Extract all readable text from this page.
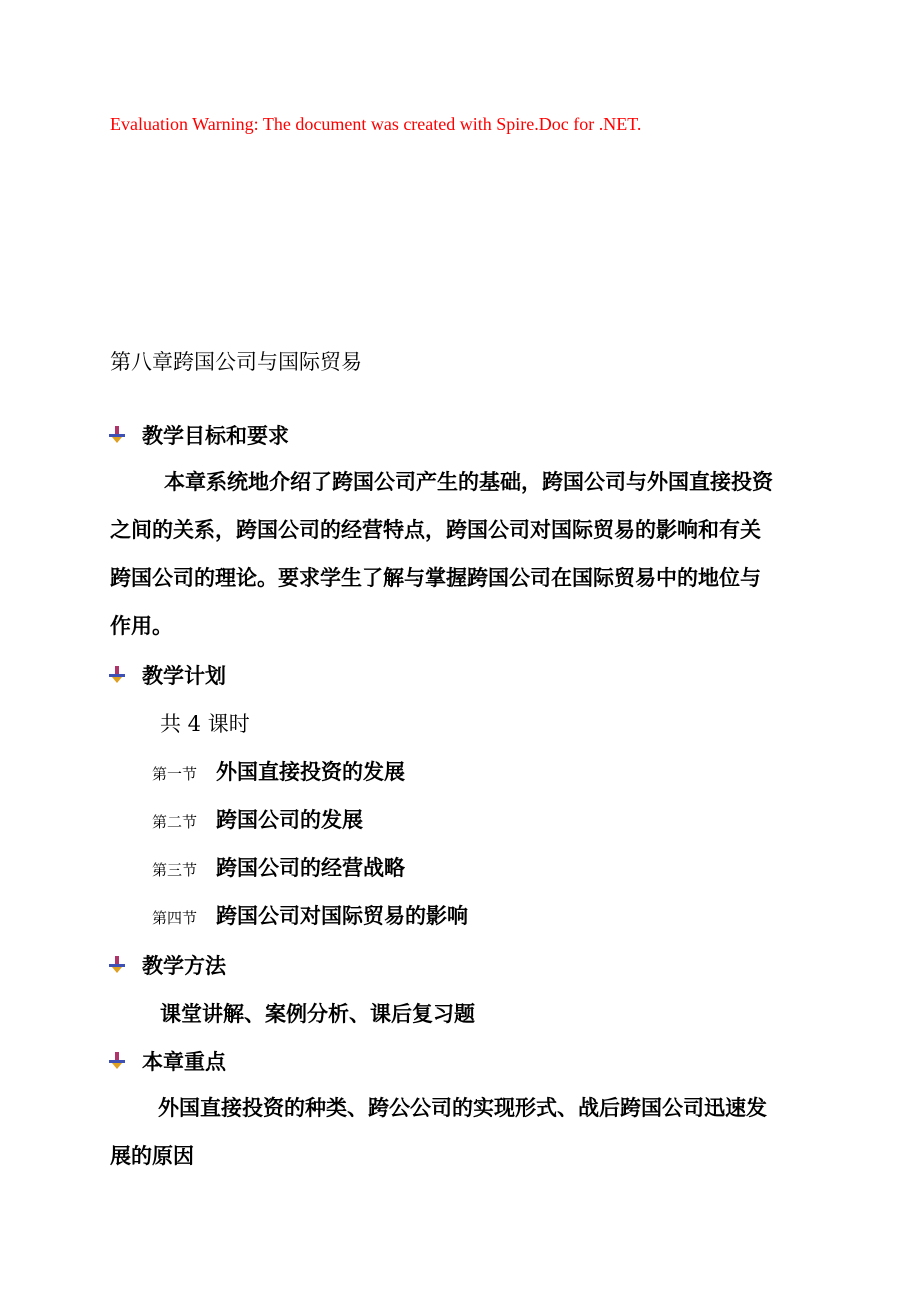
Evaluation Warning: The document was created with Spire.Doc for .NET.
第八章跨国公司与国际贸易
教学目标和要求
本章系统地介绍了跨国公司产生的基础，跨国公司与外国直接投资之间的关系，跨国公司的经营特点，跨国公司对国际贸易的影响和有关跨国公司的理论。要求学生了解与掌握跨国公司在国际贸易中的地位与作用。
教学计划
共 4 课时
第一节 外国直接投资的发展
第二节 跨国公司的发展
第三节 跨国公司的经营战略
第四节 跨国公司对国际贸易的影响
教学方法
课堂讲解、案例分析、课后复习题
本章重点
外国直接投资的种类、跨公公司的实现形式、战后跨国公司迅速发展的原因
